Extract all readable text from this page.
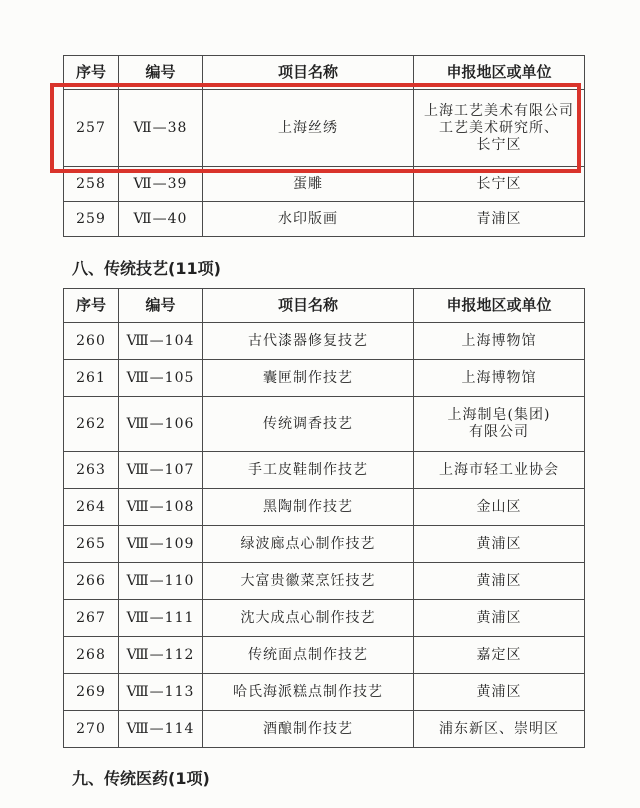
序号	编号	项目名称	申报地区或单位
257	Ⅶ—38	上海丝绣	上海工艺美术有限公司
工艺美术研究所、
长宁区
258	Ⅶ—39	蛋雕	长宁区
259	Ⅶ—40	水印版画	青浦区
八、传统技艺(11项)
序号	编号	项目名称	申报地区或单位
260	Ⅷ—104	古代漆器修复技艺	上海博物馆
261	Ⅷ—105	囊匣制作技艺	上海博物馆
262	Ⅷ—106	传统调香技艺	上海制皂(集团)
有限公司
263	Ⅷ—107	手工皮鞋制作技艺	上海市轻工业协会
264	Ⅷ—108	黑陶制作技艺	金山区
265	Ⅷ—109	绿波廊点心制作技艺	黄浦区
266	Ⅷ—110	大富贵徽菜烹饪技艺	黄浦区
267	Ⅷ—111	沈大成点心制作技艺	黄浦区
268	Ⅷ—112	传统面点制作技艺	嘉定区
269	Ⅷ—113	哈氏海派糕点制作技艺	黄浦区
270	Ⅷ—114	酒酿制作技艺	浦东新区、崇明区
九、传统医药(1项)
